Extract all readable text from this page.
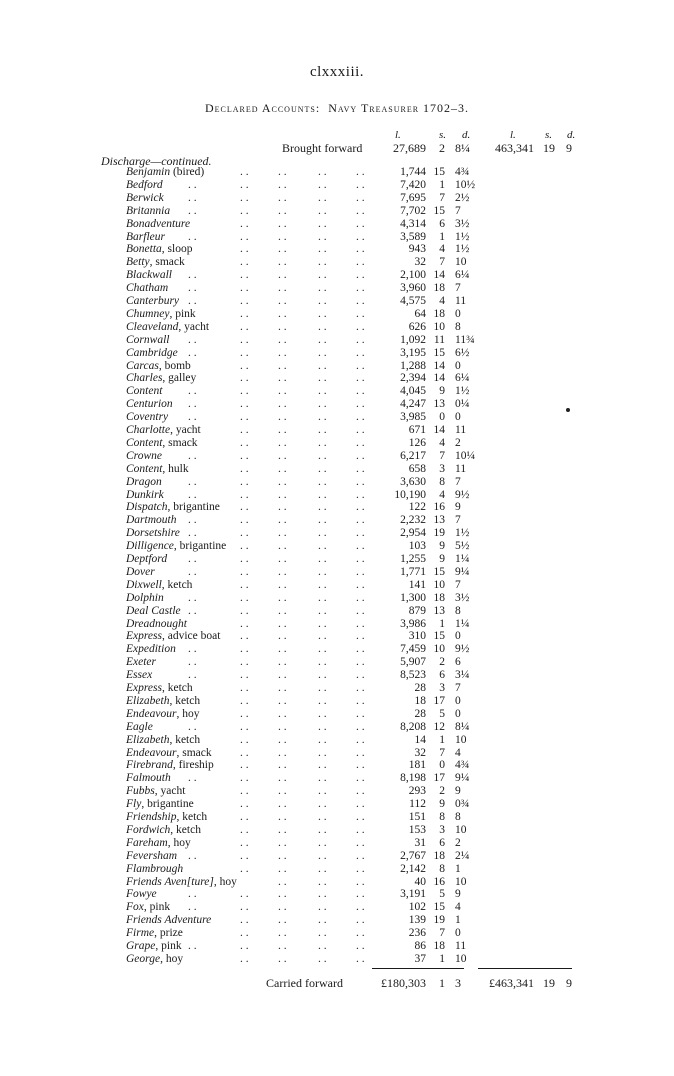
clxxxiii.
Declared Accounts: Navy Treasurer 1702–3.
l.	s. d.	l.	s. d.
Brought forward	27,689 2 8¼ 463,341 19 9
Discharge—continued.
Benjamin (bired)	. .	. .	. .	. .	1,744 15 4¾
Bedford . .	. .	. .	. .	. .	7,420 1 10½
Berwick . .	. .	. .	. .	. .	7,695 7 2½
Britannia . .	. .	. .	. .	. .	7,702 15 7
Bonadventure	. .	. .	. .	. .	4,314 6 3½
Barfleur . .	. .	. .	. .	. .	3,589 1 1½
Bonetta, sloop	. .	. .	. .	. .	943 4 1½
Betty, smack	. .	. .	. .	. .	32 7 10
Blackwall . .	. .	. .	. .	. .	2,100 14 6¼
Chatham . .	. .	. .	. .	. .	3,960 18 7
Canterbury . .	. .	. .	. .	. .	4,575 4 11
Chumney, pink	. .	. .	. .	. .	64 18 0
Cleaveland, yacht	. .	. .	. .	. .	626 10 8
Cornwall . .	. .	. .	. .	. .	1,092 11 11¾
Cambridge . .	. .	. .	. .	. .	3,195 15 6½
Carcas, bomb	. .	. .	. .	. .	1,288 14 0
Charles, galley	. .	. .	. .	. .	2,394 14 6¼
Content . .	. .	. .	. .	. .	4,045 9 1½
Centurion . .	. .	. .	. .	. .	4,247 13 0¼
Coventry . .	. .	. .	. .	. .	3,985 0 0
Charlotte, yacht	. .	. .	. .	. .	671 14 11
Content, smack	. .	. .	. .	. .	126 4 2
Crowne . .	. .	. .	. .	. .	6,217 7 10¼
Content, hulk	. .	. .	. .	. .	658 3 11
Dragon . .	. .	. .	. .	. .	3,630 8 7
Dunkirk . .	. .	. .	. .	. .	10,190 4 9½
Dispatch, brigantine . .	. .	. .	. .	122 16 9
Dartmouth . .	. .	. .	. .	. .	2,232 13 7
Dorsetshire . .	. .	. .	. .	. .	2,954 19 1½
Dilligence, brigantine . .	. .	. .	. .	103 9 5½
Deptford . .	. .	. .	. .	. .	1,255 9 1¼
Dover	. .	. .	. .	. .	. .	1,771 15 9¼
Dixwell, ketch	. .	. .	. .	. .	141 10 7
Dolphin . .	. .	. .	. .	. .	1,300 18 3½
Deal Castle . .	. .	. .	. .	. .	879 13 8
Dreadnought	. .	. .	. .	. .	3,986 1 1¼
Express, advice boat . .	. .	. .	. .	310 15 0
Expedition . .	. .	. .	. .	. .	7,459 10 9½
Exeter	. .	. .	. .	. .	. .	5,907 2 6
Essex	. .	. .	. .	. .	. .	8,523 6 3¼
Express, ketch	. .	. .	. .	. .	28 3 7
Elizabeth, ketch	. .	. .	. .	. .	18 17 0
Endeavour, hoy	. .	. .	. .	. .	28 5 0
Eagle	. .	. .	. .	. .	. .	8,208 12 8¼
Elizabeth, ketch	. .	. .	. .	. .	14 1 10
Endeavour, smack . .	. .	. .	. .	32 7 4
Firebrand, fireship . .	. .	. .	. .	181 0 4¾
Falmouth . .	. .	. .	. .	. .	8,198 17 9¼
Fubbs, yacht	. .	. .	. .	. .	293 2 9
Fly, brigantine	. .	. .	. .	. .	112 9 0¾
Friendship, ketch	. .	. .	. .	. .	151 8 8
Fordwich, ketch	. .	. .	. .	. .	153 3 10
Fareham, hoy	. .	. .	. .	. .	31 6 2
Feversham . .	. .	. .	. .	. .	2,767 18 2¼
Flambrough	. .	. .	. .	. .	2,142 8 1
Friends Aven[ture], hoy	. .	. .	. .	40 16 10
Fowye	. .	. .	. .	. .	. .	3,191 5 9
Fox, pink . .	. .	. .	. .	. .	102 15 4
Friends Adventure . .	. .	. .	. .	139 19 1
Firme, prize	. .	. .	. .	. .	236 7 0
Grape, pink . .	. .	. .	. .	. .	86 18 11
George, hoy	. .	. .	. .	. .	37 1 10
Carried forward	£180,303 1 3 £463,341 19 9
